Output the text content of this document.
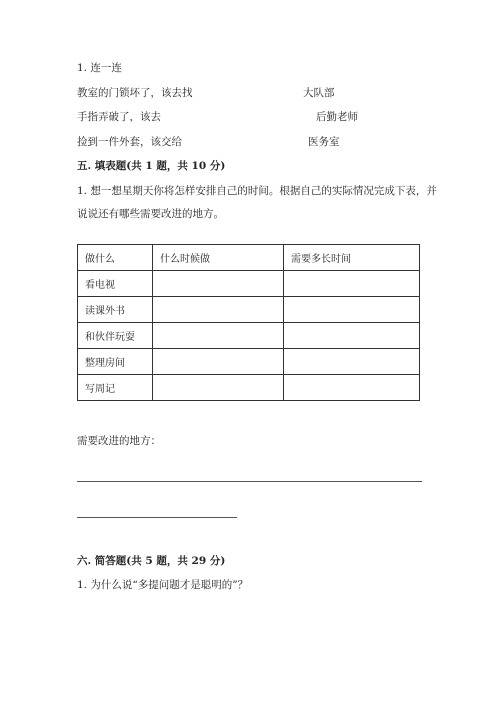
1. 连一连
教室的门锁坏了，该去找
手指弄破了，该去
捡到一件外套，该交给
大队部
后勤老师
医务室
五. 填表题(共 1 题，共 10 分)
1. 想一想星期天你将怎样安排自己的时间。根据自己的实际情况完成下表，并
说说还有哪些需要改进的地方。
做什么	什么时候做	需要多长时间
看电视		
读课外书		
和伙伴玩耍		
整理房间		
写周记		
需要改进的地方：
六. 简答题(共 5 题，共 29 分)
1. 为什么说“多提问题才是聪明的”？
